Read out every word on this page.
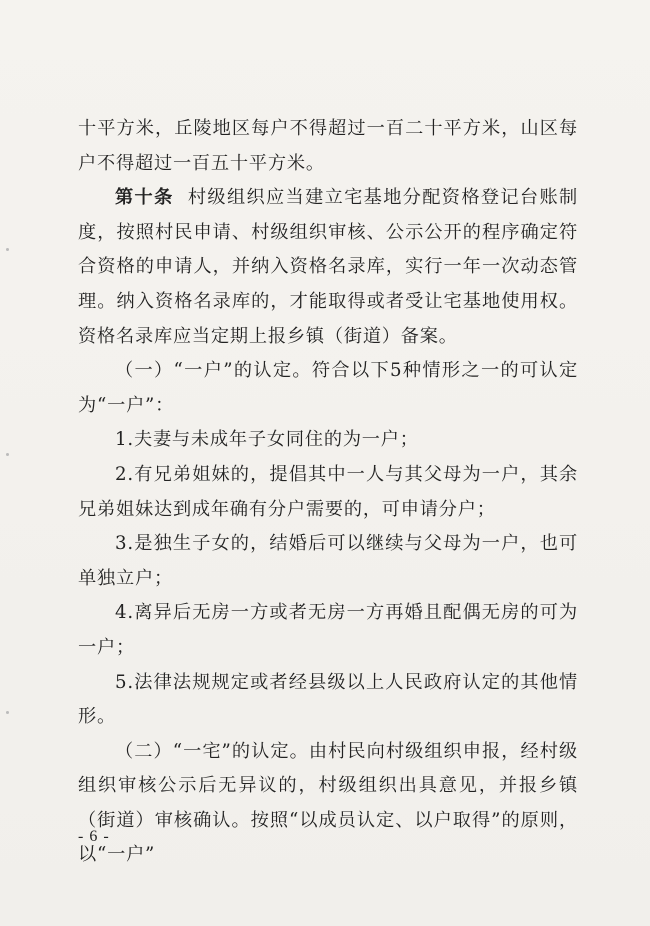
十平方米，丘陵地区每户不得超过一百二十平方米，山区每户不得超过一百五十平方米。

第十条 村级组织应当建立宅基地分配资格登记台账制度，按照村民申请、村级组织审核、公示公开的程序确定符合资格的申请人，并纳入资格名录库，实行一年一次动态管理。纳入资格名录库的，才能取得或者受让宅基地使用权。资格名录库应当定期上报乡镇（街道）备案。

（一）“一户”的认定。符合以下5种情形之一的可认定为“一户”：

1.夫妻与未成年子女同住的为一户；

2.有兄弟姐妹的，提倡其中一人与其父母为一户，其余兄弟姐妹达到成年确有分户需要的，可申请分户；

3.是独生子女的，结婚后可以继续与父母为一户，也可单独立户；

4.离异后无房一方或者无房一方再婚且配偶无房的可为一户；

5.法律法规规定或者经县级以上人民政府认定的其他情形。

（二）“一宅”的认定。由村民向村级组织申报，经村级组织审核公示后无异议的，村级组织出具意见，并报乡镇（街道）审核确认。按照“以成员认定、以户取得”的原则，以“一户”

- 6 -
